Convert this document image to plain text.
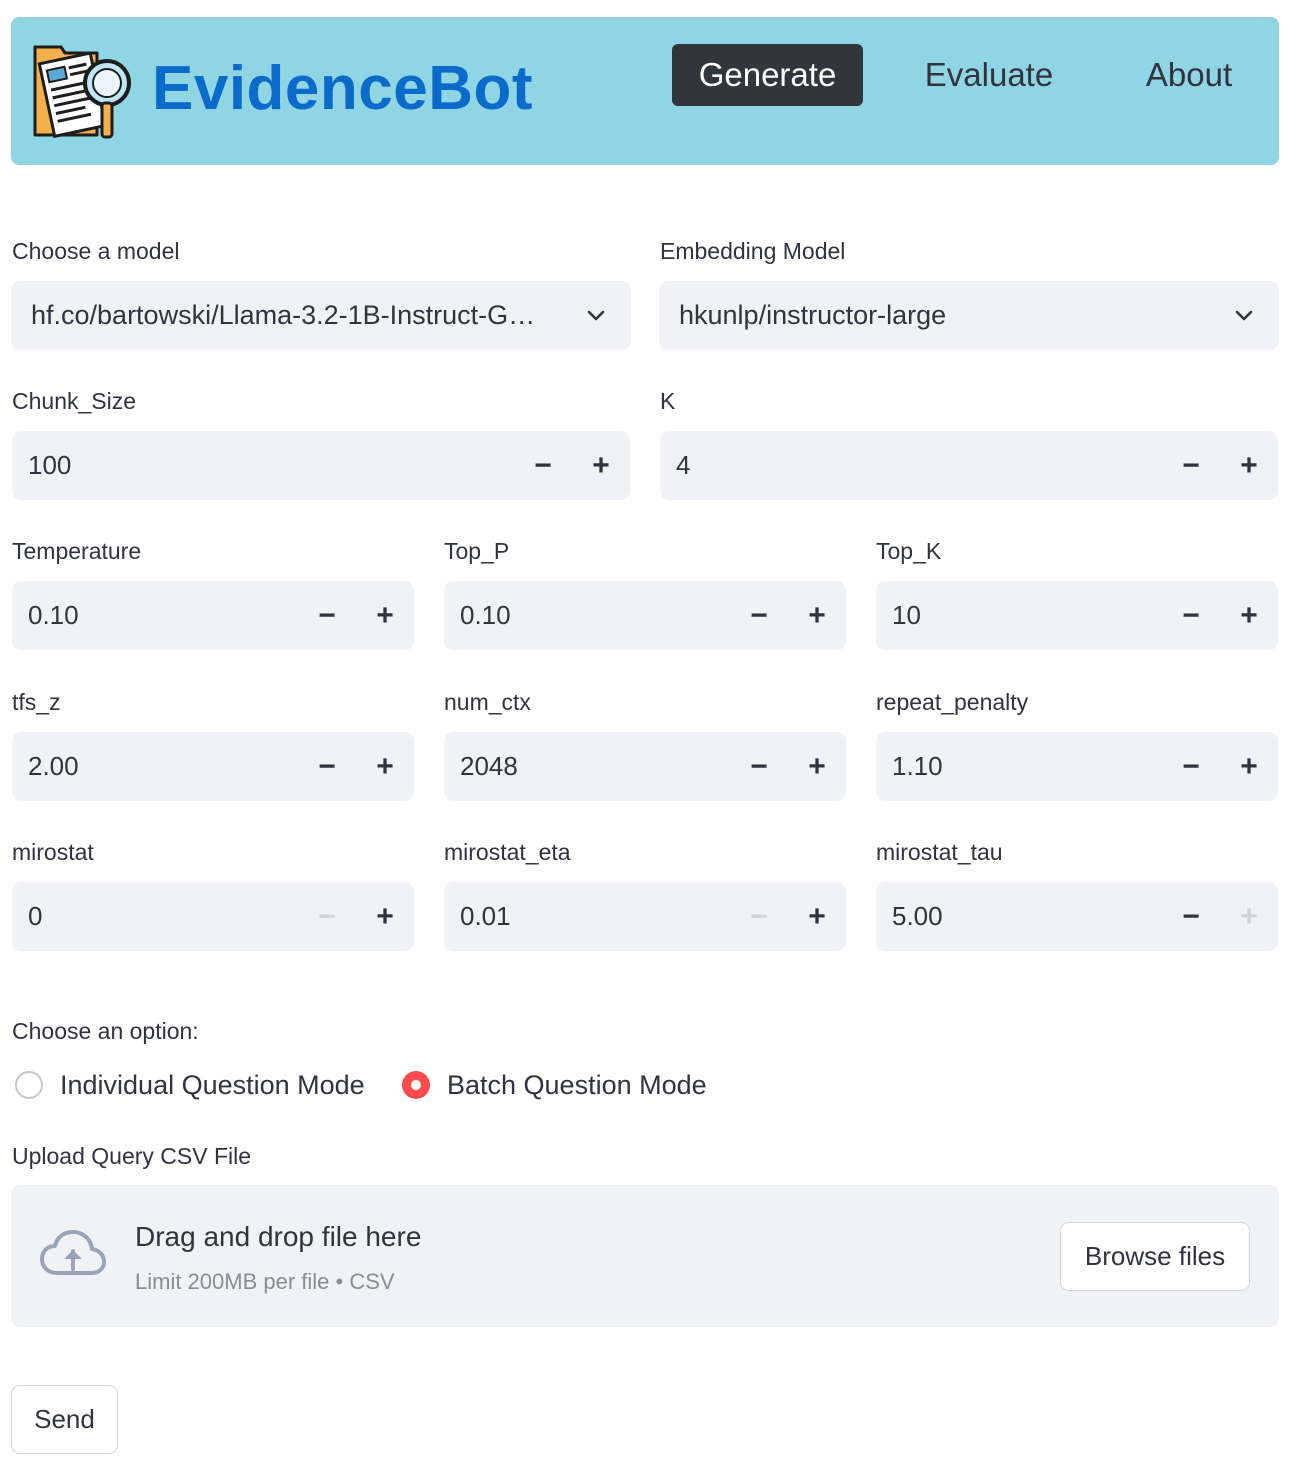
EvidenceBot	Generate	Evaluate	About
Choose a model
hf.co/bartowski/Llama-3.2-1B-Instruct-G…
Embedding Model
hkunlp/instructor-large
Chunk_Size
100	−	+
K
4	−	+
Temperature
0.10	−	+
Top_P
0.10	−	+
Top_K
10	−	+
tfs_z
2.00	−	+
num_ctx
2048	−	+
repeat_penalty
1.10	−	+
mirostat
0	−	+
mirostat_eta
0.01	−	+
mirostat_tau
5.00	−	+
Choose an option:
Individual Question Mode	Batch Question Mode
Upload Query CSV File
Drag and drop file here
Limit 200MB per file • CSV
Browse files
Send
